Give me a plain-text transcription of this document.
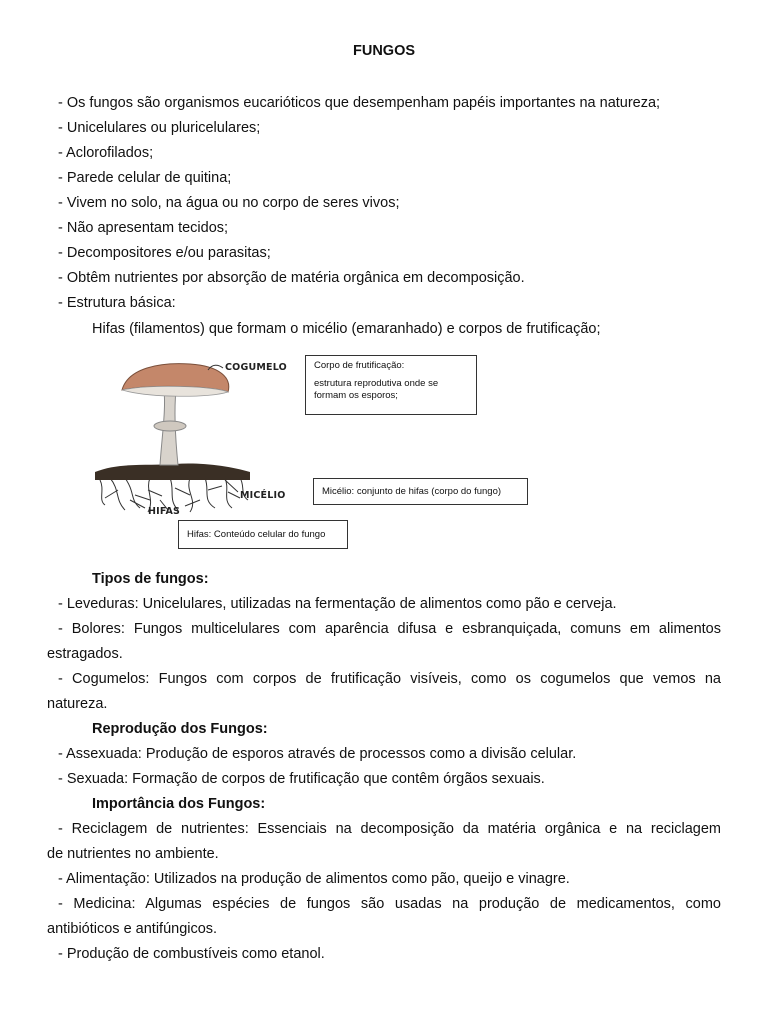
FUNGOS
- Os fungos são organismos eucarióticos que desempenham papéis importantes na natureza;
- Unicelulares ou pluricelulares;
- Aclorofilados;
- Parede celular de quitina;
- Vivem no solo, na água ou no corpo de seres vivos;
- Não apresentam tecidos;
- Decompositores e/ou parasitas;
- Obtêm nutrientes por absorção de matéria orgânica em decomposição.
- Estrutura básica:
Hifas (filamentos) que formam o micélio (emaranhado) e corpos de frutificação;
COGUMELO
MICÉLIO
HIFAS
Corpo de frutificação:
estrutura reprodutiva onde se formam os esporos;
Micélio: conjunto de hifas (corpo do fungo)
Hifas: Conteúdo celular do fungo
Tipos de fungos:
- Leveduras: Unicelulares, utilizadas na fermentação de alimentos como pão e cerveja.
- Bolores: Fungos multicelulares com aparência difusa e esbranquiçada, comuns em alimentos
estragados.
- Cogumelos: Fungos com corpos de frutificação visíveis, como os cogumelos que vemos na
natureza.
Reprodução dos Fungos:
- Assexuada: Produção de esporos através de processos como a divisão celular.
- Sexuada: Formação de corpos de frutificação que contêm órgãos sexuais.
Importância dos Fungos:
- Reciclagem de nutrientes: Essenciais na decomposição da matéria orgânica e na reciclagem
de nutrientes no ambiente.
- Alimentação: Utilizados na produção de alimentos como pão, queijo e vinagre.
- Medicina: Algumas espécies de fungos são usadas na produção de medicamentos, como
antibióticos e antifúngicos.
- Produção de combustíveis como etanol.
